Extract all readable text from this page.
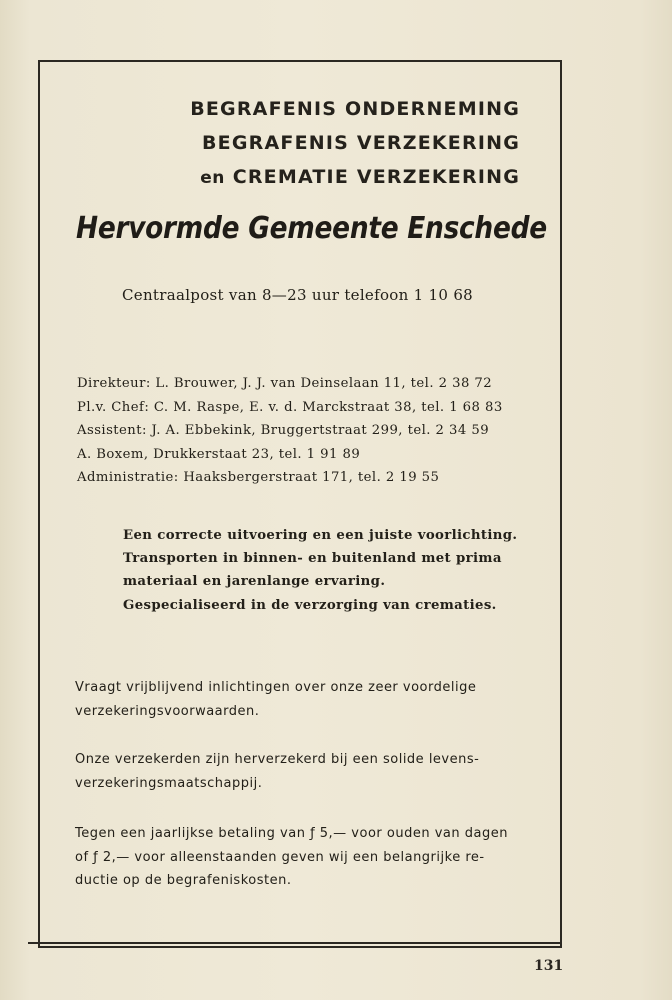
BEGRAFENIS ONDERNEMING
BEGRAFENIS VERZEKERING
en CREMATIE VERZEKERING
Hervormde Gemeente Enschede
Centraalpost van 8—23 uur telefoon 1 10 68
Direkteur: L. Brouwer, J. J. van Deinselaan 11, tel. 2 38 72
Pl.v. Chef: C. M. Raspe, E. v. d. Marckstraat 38, tel. 1 68 83
Assistent: J. A. Ebbekink, Bruggertstraat 299, tel. 2 34 59
A. Boxem, Drukkerstaat 23, tel. 1 91 89
Administratie: Haaksbergerstraat 171, tel. 2 19 55
Een correcte uitvoering en een juiste voorlichting.
Transporten in binnen- en buitenland met prima
materiaal en jarenlange ervaring.
Gespecialiseerd in de verzorging van crematies.
Vraagt vrijblijvend inlichtingen over onze zeer voordelige
verzekeringsvoorwaarden.
Onze verzekerden zijn herverzekerd bij een solide levens-
verzekeringsmaatschappij.
Tegen een jaarlijkse betaling van ƒ 5,— voor ouden van dagen
of ƒ 2,— voor alleenstaanden geven wij een belangrijke re-
ductie op de begrafeniskosten.
131
